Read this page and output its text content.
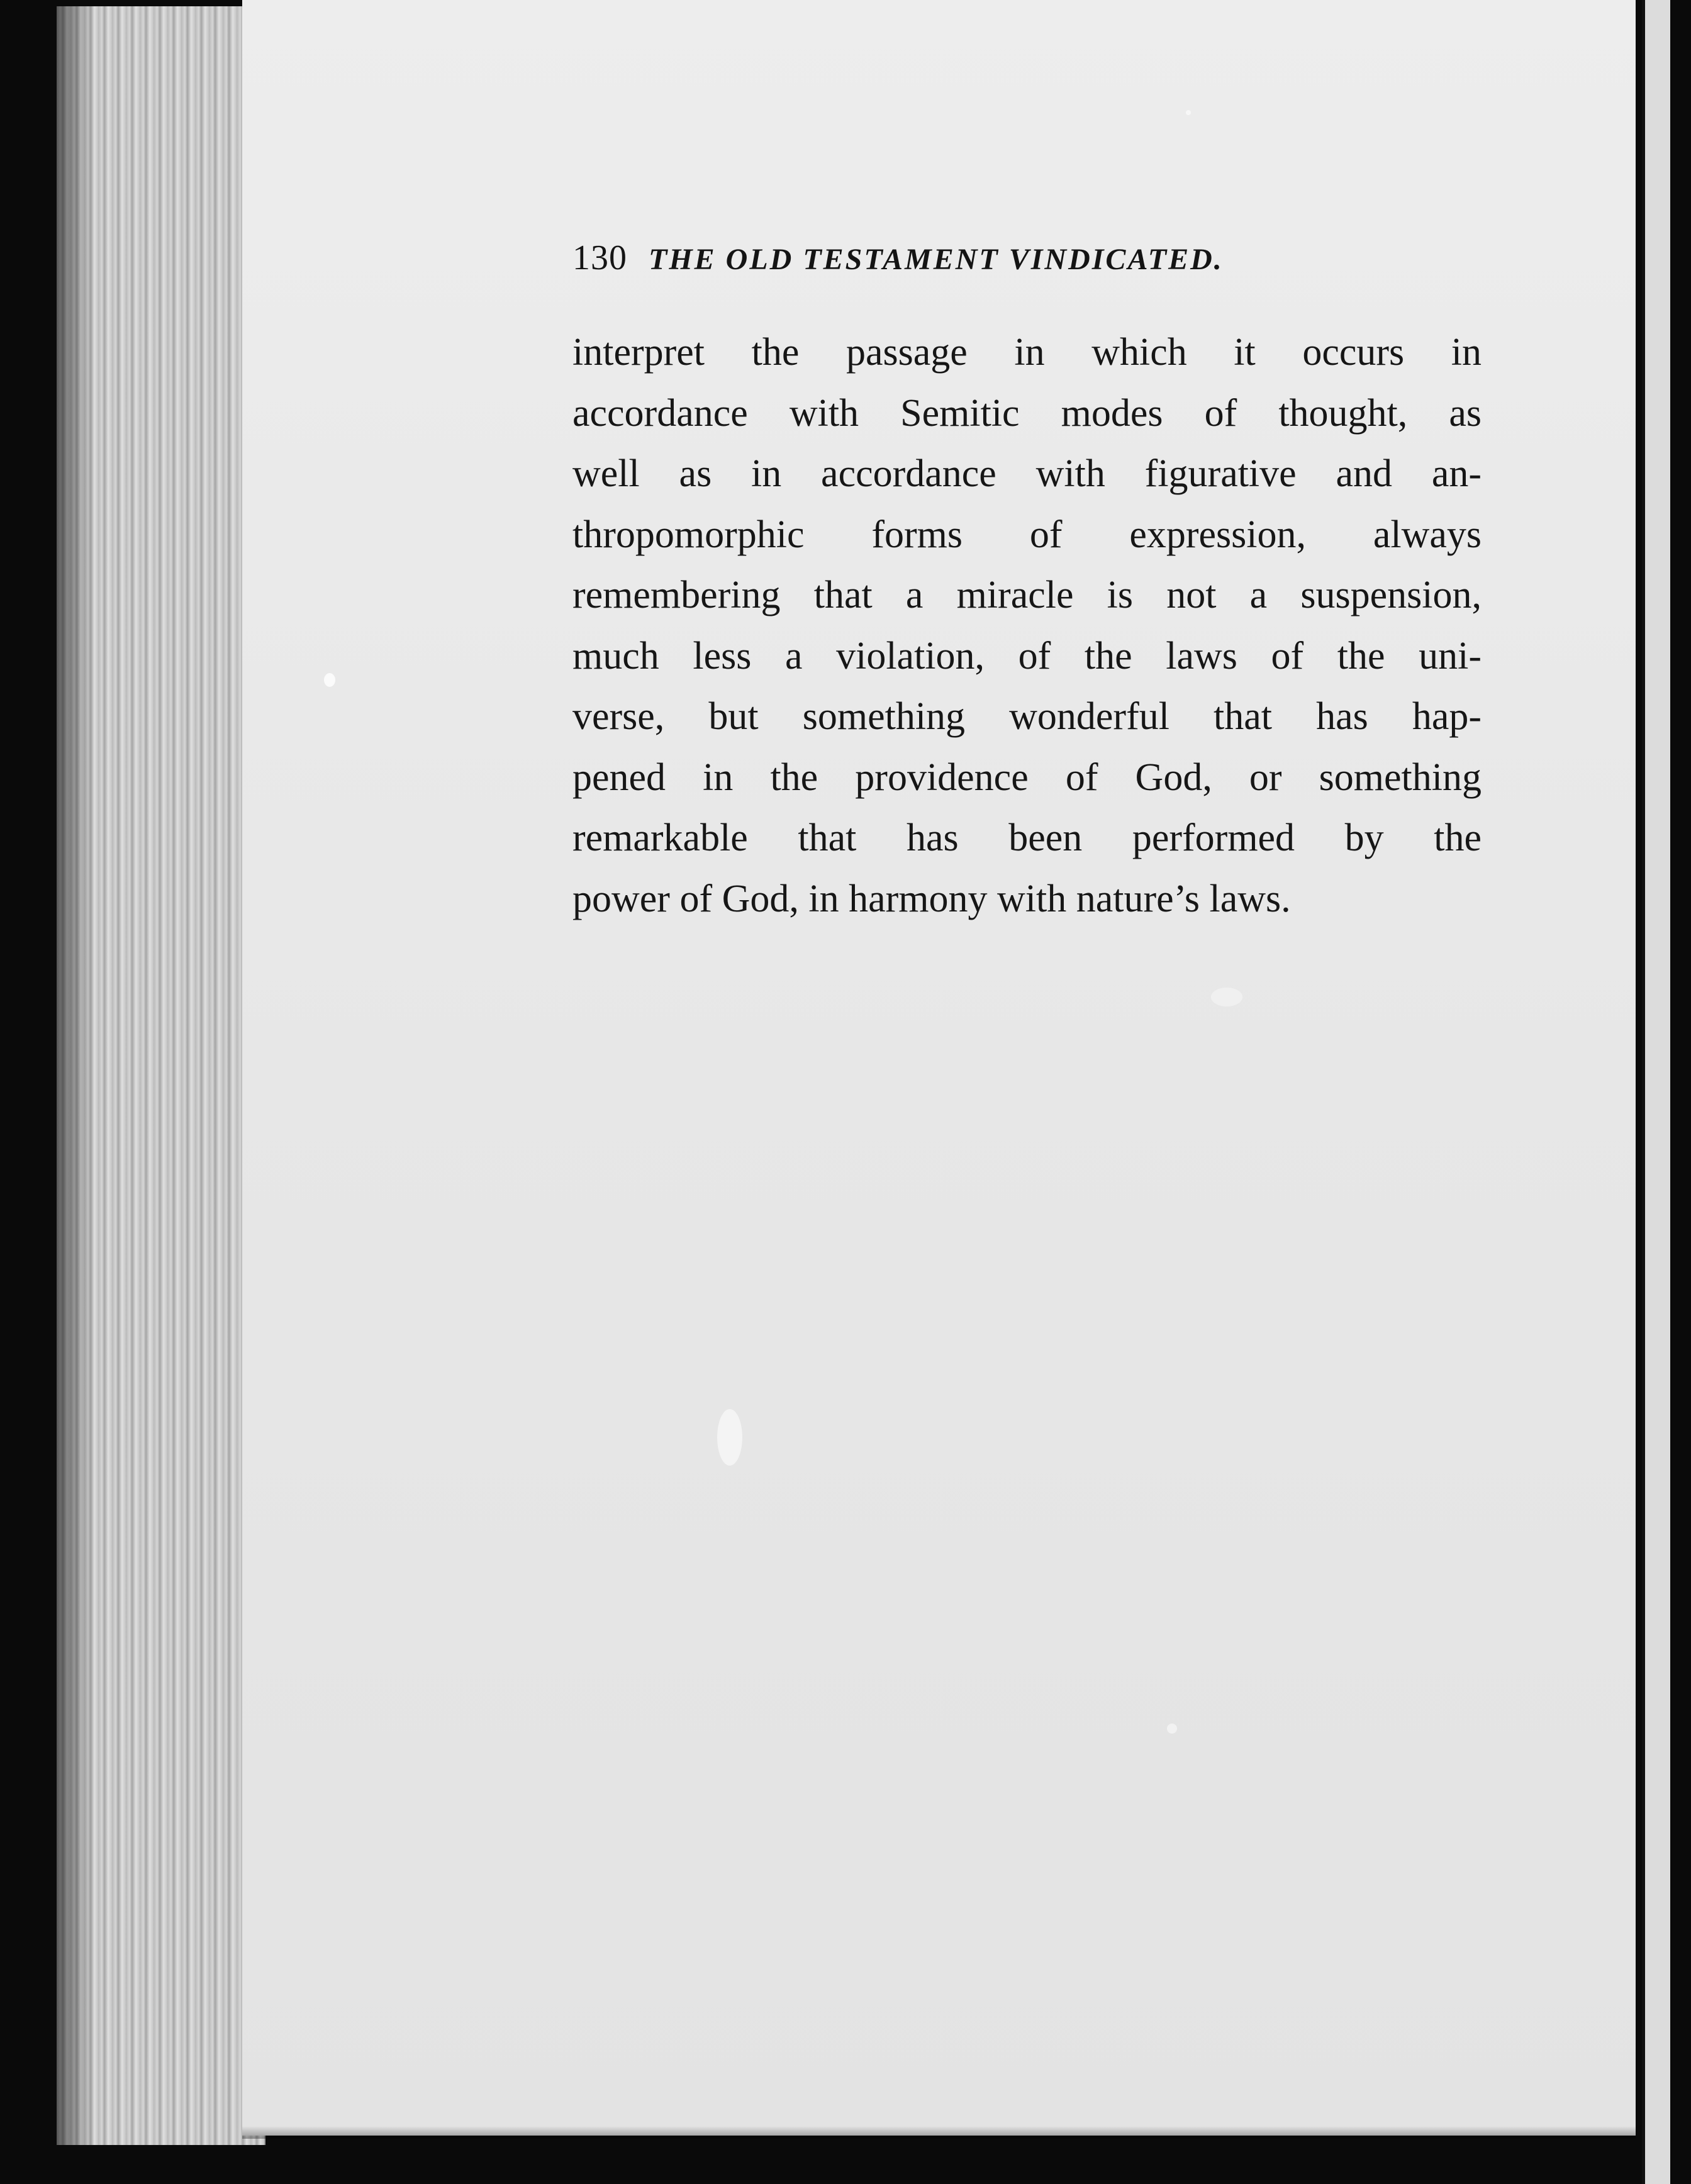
130 THE OLD TESTAMENT VINDICATED.
interpret the passage in which it occurs in
accordance with Semitic modes of thought, as
well as in accordance with figurative and an-
thropomorphic forms of expression, always
remembering that a miracle is not a suspension,
much less a violation, of the laws of the uni-
verse, but something wonderful that has hap-
pened in the providence of God, or something
remarkable that has been performed by the
power of God, in harmony with nature’s laws.
